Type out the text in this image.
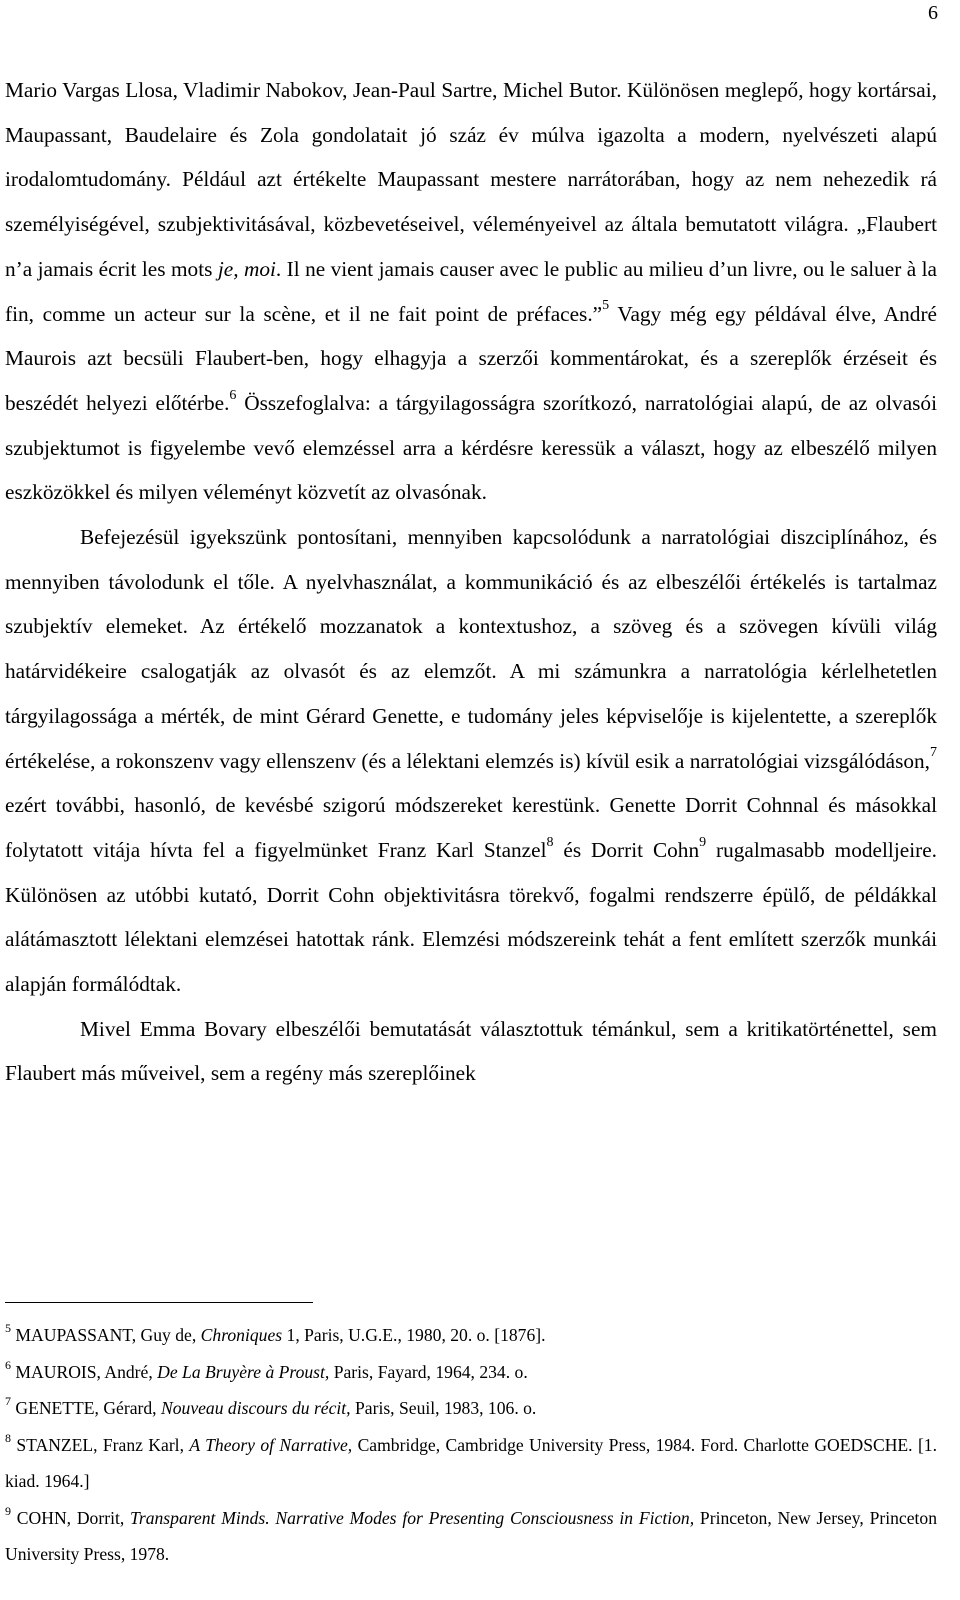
6

Mario Vargas Llosa, Vladimir Nabokov, Jean-Paul Sartre, Michel Butor. Különösen meglepő, hogy kortársai, Maupassant, Baudelaire és Zola gondolatait jó száz év múlva igazolta a modern, nyelvészeti alapú irodalomtudomány. Például azt értékelte Maupassant mestere narrátorában, hogy az nem nehezedik rá személyiségével, szubjektivitásával, közbevetéseivel, véleményeivel az általa bemutatott világra. „Flaubert n’a jamais écrit les mots je, moi. Il ne vient jamais causer avec le public au milieu d’un livre, ou le saluer à la fin, comme un acteur sur la scène, et il ne fait point de préfaces.”$^5$ Vagy még egy példával élve, André Maurois azt becsüli Flaubert-ben, hogy elhagyja a szerzői kommentárokat, és a szereplők érzéseit és beszédét helyezi előtérbe.$^6$ Összefoglalva: a tárgyilagosságra szorítkozó, narratológiai alapú, de az olvasói szubjektumot is figyelembe vevő elemzéssel arra a kérdésre keressük a választ, hogy az elbeszélő milyen eszközökkel és milyen véleményt közvetít az olvasónak.

Befejezésül igyekszünk pontosítani, mennyiben kapcsolódunk a narratológiai diszciplínához, és mennyiben távolodunk el tőle. A nyelvhasználat, a kommunikáció és az elbeszélői értékelés is tartalmaz szubjektív elemeket. Az értékelő mozzanatok a kontextushoz, a szöveg és a szövegen kívüli világ határvidékeire csalogatják az olvasót és az elemzőt. A mi számunkra a narratológia kérlelhetetlen tárgyilagossága a mérték, de mint Gérard Genette, e tudomány jeles képviselője is kijelentette, a szereplők értékelése, a rokonszenv vagy ellenszenv (és a lélektani elemzés is) kívül esik a narratológiai vizsgálódáson,$^7$ ezért további, hasonló, de kevésbé szigorú módszereket kerestünk. Genette Dorrit Cohnnal és másokkal folytatott vitája hívta fel a figyelmünket Franz Karl Stanzel$^8$ és Dorrit Cohn$^9$ rugalmasabb modelljeire. Különösen az utóbbi kutató, Dorrit Cohn objektivitásra törekvő, fogalmi rendszerre épülő, de példákkal alátámasztott lélektani elemzései hatottak ránk. Elemzési módszereink tehát a fent említett szerzők munkái alapján formálódtak.

Mivel Emma Bovary elbeszélői bemutatását választottuk témánkul, sem a kritikatörténettel, sem Flaubert más műveivel, sem a regény más szereplőinek

$^5$ MAUPASSANT, Guy de, Chroniques 1, Paris, U.G.E., 1980, 20. o. [1876].

$^6$ MAUROIS, André, De La Bruyère à Proust, Paris, Fayard, 1964, 234. o.

$^7$ GENETTE, Gérard, Nouveau discours du récit, Paris, Seuil, 1983, 106. o.

$^8$ STANZEL, Franz Karl, A Theory of Narrative, Cambridge, Cambridge University Press, 1984. Ford. Charlotte GOEDSCHE. [1. kiad. 1964.]

$^9$ COHN, Dorrit, Transparent Minds. Narrative Modes for Presenting Consciousness in Fiction, Princeton, New Jersey, Princeton University Press, 1978.
